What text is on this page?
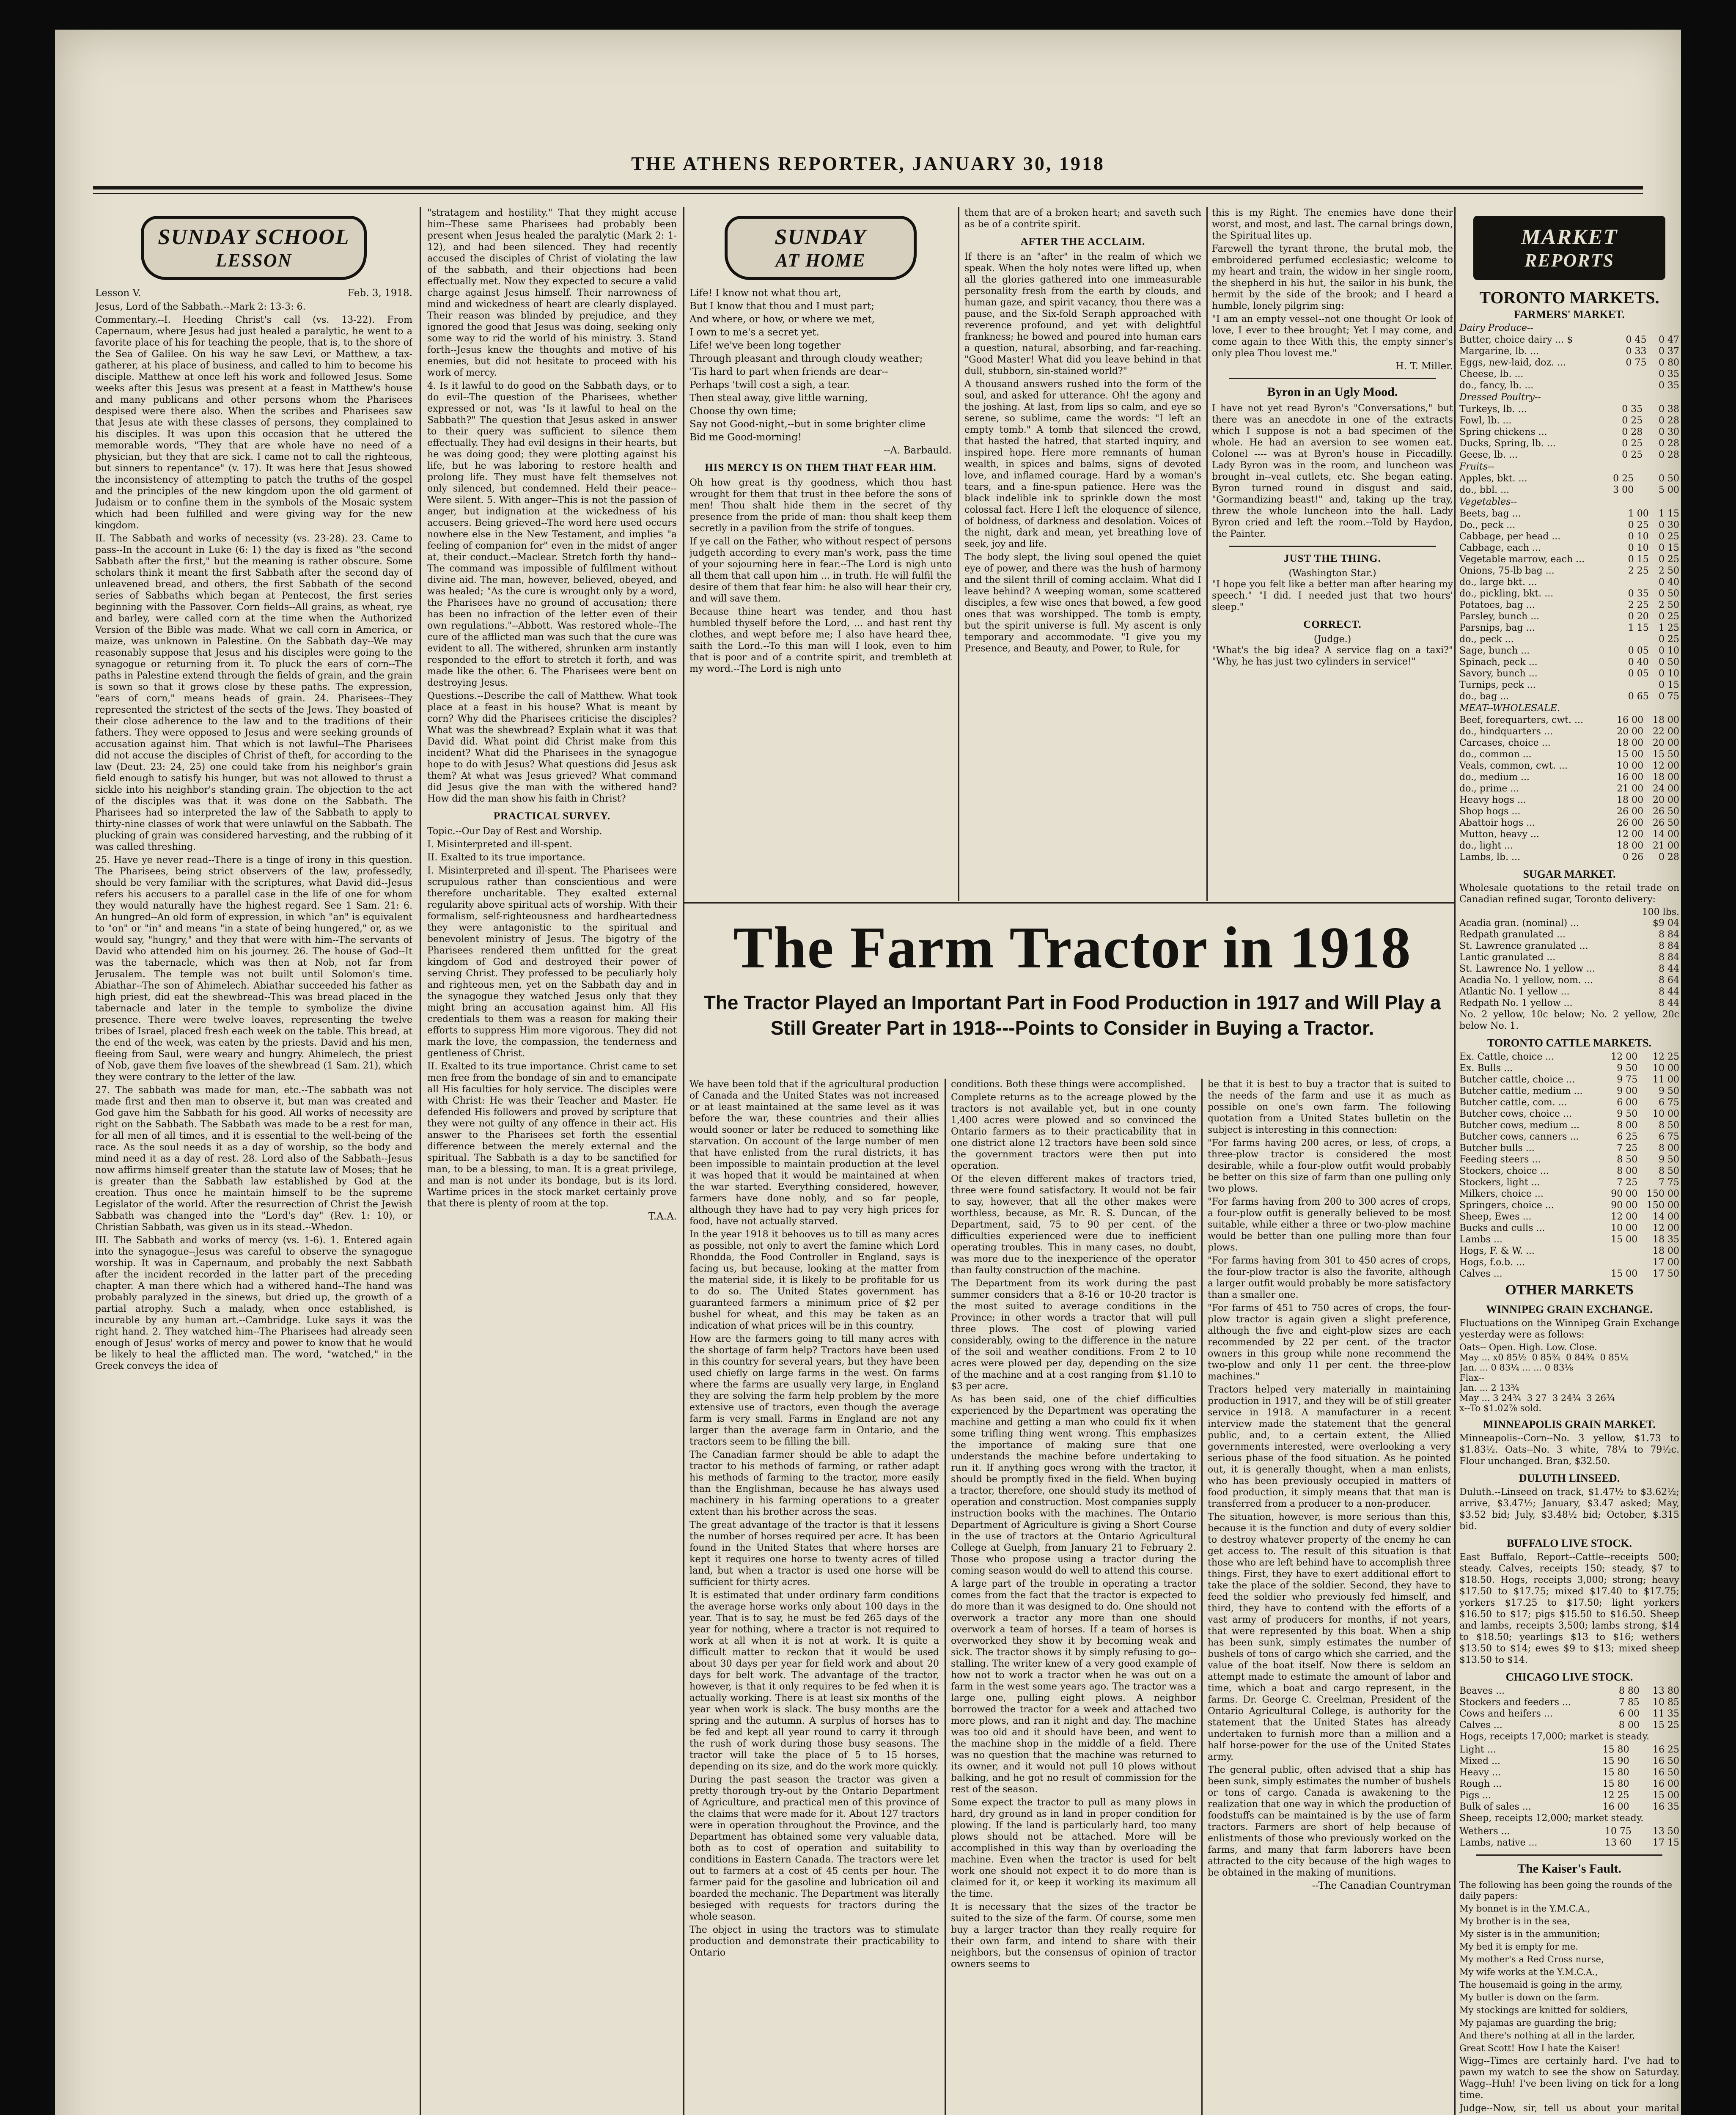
THE ATHENS REPORTER, JANUARY 30, 1918
SUNDAY SCHOOL
LESSON
Lesson V.	Feb. 3, 1918.

Jesus, Lord of the Sabbath.--Mark 2: 13-3: 6.

Commentary.--I. Heeding Christ's call (vs. 13-22). From Capernaum, where Jesus had just healed a paralytic, he went to a favorite place of his for teaching the people, that is, to the shore of the Sea of Galilee. On his way he saw Levi, or Matthew, a tax-gatherer, at his place of business, and called to him to become his disciple. Matthew at once left his work and followed Jesus. Some weeks after this Jesus was present at a feast in Matthew's house and many publicans and other persons whom the Pharisees despised were there also. When the scribes and Pharisees saw that Jesus ate with these classes of persons, they complained to his disciples. It was upon this occasion that he uttered the memorable words, "They that are whole have no need of a physician, but they that are sick. I came not to call the righteous, but sinners to repentance" (v. 17). It was here that Jesus showed the inconsistency of attempting to patch the truths of the gospel and the principles of the new kingdom upon the old garment of Judaism or to confine them in the symbols of the Mosaic system which had been fulfilled and were giving way for the new kingdom.

II. The Sabbath and works of necessity (vs. 23-28). 23. Came to pass--In the account in Luke (6: 1) the day is fixed as "the second Sabbath after the first," but the meaning is rather obscure. Some scholars think it meant the first Sabbath after the second day of unleavened bread, and others, the first Sabbath of the second series of Sabbaths which began at Pentecost, the first series beginning with the Passover. Corn fields--All grains, as wheat, rye and barley, were called corn at the time when the Authorized Version of the Bible was made. What we call corn in America, or maize, was unknown in Palestine. On the Sabbath day--We may reasonably suppose that Jesus and his disciples were going to the synagogue or returning from it. To pluck the ears of corn--The paths in Palestine extend through the fields of grain, and the grain is sown so that it grows close by these paths. The expression, "ears of corn," means heads of grain. 24. Pharisees--They represented the strictest of the sects of the Jews. They boasted of their close adherence to the law and to the traditions of their fathers. They were opposed to Jesus and were seeking grounds of accusation against him. That which is not lawful--The Pharisees did not accuse the disciples of Christ of theft, for according to the law (Deut. 23: 24, 25) one could take from his neighbor's grain field enough to satisfy his hunger, but was not allowed to thrust a sickle into his neighbor's standing grain. The objection to the act of the disciples was that it was done on the Sabbath. The Pharisees had so interpreted the law of the Sabbath to apply to thirty-nine classes of work that were unlawful on the Sabbath. The plucking of grain was considered harvesting, and the rubbing of it was called threshing.

25. Have ye never read--There is a tinge of irony in this question. The Pharisees, being strict observers of the law, professedly, should be very familiar with the scriptures, what David did--Jesus refers his accusers to a parallel case in the life of one for whom they would naturally have the highest regard. See 1 Sam. 21: 6. An hungred--An old form of expression, in which "an" is equivalent to "on" or "in" and means "in a state of being hungered," or, as we would say, "hungry," and they that were with him--The servants of David who attended him on his journey. 26. The house of God--It was the tabernacle, which was then at Nob, not far from Jerusalem. The temple was not built until Solomon's time. Abiathar--The son of Ahimelech. Abiathar succeeded his father as high priest, did eat the shewbread--This was bread placed in the tabernacle and later in the temple to symbolize the divine presence. There were twelve loaves, representing the twelve tribes of Israel, placed fresh each week on the table. This bread, at the end of the week, was eaten by the priests. David and his men, fleeing from Saul, were weary and hungry. Ahimelech, the priest of Nob, gave them five loaves of the shewbread (1 Sam. 21), which they were contrary to the letter of the law.

27. The sabbath was made for man, etc.--The sabbath was not made first and then man to observe it, but man was created and God gave him the Sabbath for his good. All works of necessity are right on the Sabbath. The Sabbath was made to be a rest for man, for all men of all times, and it is essential to the well-being of the race. As the soul needs it as a day of worship, so the body and mind need it as a day of rest. 28. Lord also of the Sabbath--Jesus now affirms himself greater than the statute law of Moses; that he is greater than the Sabbath law established by God at the creation. Thus once he maintain himself to be the supreme Legislator of the world. After the resurrection of Christ the Jewish Sabbath was changed into the "Lord's day" (Rev. 1: 10), or Christian Sabbath, was given us in its stead.--Whedon.

III. The Sabbath and works of mercy (vs. 1-6). 1. Entered again into the synagogue--Jesus was careful to observe the synagogue worship. It was in Capernaum, and probably the next Sabbath after the incident recorded in the latter part of the preceding chapter. A man there which had a withered hand--The hand was probably paralyzed in the sinews, but dried up, the growth of a partial atrophy. Such a malady, when once established, is incurable by any human art.--Cambridge. Luke says it was the right hand. 2. They watched him--The Pharisees had already seen enough of Jesus' works of mercy and power to know that he would be likely to heal the afflicted man. The word, "watched," in the Greek conveys the idea of

"stratagem and hostility." That they might accuse him--These same Pharisees had probably been present when Jesus healed the paralytic (Mark 2: 1-12), and had been silenced. They had recently accused the disciples of Christ of violating the law of the sabbath, and their objections had been effectually met. Now they expected to secure a valid charge against Jesus himself. Their narrowness of mind and wickedness of heart are clearly displayed. Their reason was blinded by prejudice, and they ignored the good that Jesus was doing, seeking only some way to rid the world of his ministry. 3. Stand forth--Jesus knew the thoughts and motive of his enemies, but did not hesitate to proceed with his work of mercy.

4. Is it lawful to do good on the Sabbath days, or to do evil--The question of the Pharisees, whether expressed or not, was "Is it lawful to heal on the Sabbath?" The question that Jesus asked in answer to their query was sufficient to silence them effectually. They had evil designs in their hearts, but he was doing good; they were plotting against his life, but he was laboring to restore health and prolong life. They must have felt themselves not only silenced, but condemned. Held their peace--Were silent. 5. With anger--This is not the passion of anger, but indignation at the wickedness of his accusers. Being grieved--The word here used occurs nowhere else in the New Testament, and implies "a feeling of companion for" even in the midst of anger at, their conduct.--Maclear. Stretch forth thy hand--The command was impossible of fulfilment without divine aid. The man, however, believed, obeyed, and was healed; "As the cure is wrought only by a word, the Pharisees have no ground of accusation; there has been no infraction of the letter even of their own regulations."--Abbott. Was restored whole--The cure of the afflicted man was such that the cure was evident to all. The withered, shrunken arm instantly responded to the effort to stretch it forth, and was made like the other. 6. The Pharisees were bent on destroying Jesus.

Questions.--Describe the call of Matthew. What took place at a feast in his house? What is meant by corn? Why did the Pharisees criticise the disciples? What was the shewbread? Explain what it was that David did. What point did Christ make from this incident? What did the Pharisees in the synagogue hope to do with Jesus? What questions did Jesus ask them? At what was Jesus grieved? What command did Jesus give the man with the withered hand? How did the man show his faith in Christ?

PRACTICAL SURVEY.

Topic.--Our Day of Rest and Worship.

I. Misinterpreted and ill-spent.

II. Exalted to its true importance.

I. Misinterpreted and ill-spent. The Pharisees were scrupulous rather than conscientious and were therefore uncharitable. They exalted external regularity above spiritual acts of worship. With their formalism, self-righteousness and hardheartedness they were antagonistic to the spiritual and benevolent ministry of Jesus. The bigotry of the Pharisees rendered them unfitted for the great kingdom of God and destroyed their power of serving Christ. They professed to be peculiarly holy and righteous men, yet on the Sabbath day and in the synagogue they watched Jesus only that they might bring an accusation against him. All His credentials to them was a reason for making their efforts to suppress Him more vigorous. They did not mark the love, the compassion, the tenderness and gentleness of Christ.

II. Exalted to its true importance. Christ came to set men free from the bondage of sin and to emancipate all His faculties for holy service. The disciples were with Christ: He was their Teacher and Master. He defended His followers and proved by scripture that they were not guilty of any offence in their act. His answer to the Pharisees set forth the essential difference between the merely external and the spiritual. The Sabbath is a day to be sanctified for man, to be a blessing, to man. It is a great privilege, and man is not under its bondage, but is its lord. Wartime prices in the stock market certainly prove that there is plenty of room at the top.

T.A.A.
SUNDAY
AT HOME

Life! I know not what thou art,

But I know that thou and I must part;

And where, or how, or where we met,

I own to me's a secret yet.

Life! we've been long together

Through pleasant and through cloudy weather;

'Tis hard to part when friends are dear--

Perhaps 'twill cost a sigh, a tear.

Then steal away, give little warning,

Choose thy own time;

Say not Good-night,--but in some brighter clime

Bid me Good-morning!

--A. Barbauld.
HIS MERCY IS ON THEM THAT FEAR HIM.

Oh how great is thy goodness, which thou hast wrought for them that trust in thee before the sons of men! Thou shalt hide them in the secret of thy presence from the pride of man: thou shalt keep them secretly in a pavilion from the strife of tongues.

If ye call on the Father, who without respect of persons judgeth according to every man's work, pass the time of your sojourning here in fear.--The Lord is nigh unto all them that call upon him ... in truth. He will fulfil the desire of them that fear him: he also will hear their cry, and will save them.

Because thine heart was tender, and thou hast humbled thyself before the Lord, ... and hast rent thy clothes, and wept before me; I also have heard thee, saith the Lord.--To this man will I look, even to him that is poor and of a contrite spirit, and trembleth at my word.--The Lord is nigh unto

them that are of a broken heart; and saveth such as be of a contrite spirit.

AFTER THE ACCLAIM.

If there is an "after" in the realm of which we speak. When the holy notes were lifted up, when all the glories gathered into one immeasurable personality fresh from the earth by clouds, and human gaze, and spirit vacancy, thou there was a pause, and the Six-fold Seraph approached with reverence profound, and yet with delightful frankness; he bowed and poured into human ears a question, natural, absorbing, and far-reaching. "Good Master! What did you leave behind in that dull, stubborn, sin-stained world?"

A thousand answers rushed into the form of the soul, and asked for utterance. Oh! the agony and the joshing. At last, from lips so calm, and eye so serene, so sublime, came the words: "I left an empty tomb." A tomb that silenced the crowd, that hasted the hatred, that started inquiry, and inspired hope. Here more remnants of human wealth, in spices and balms, signs of devoted love, and inflamed courage. Hard by a woman's tears, and a fine-spun patience. Here was the black indelible ink to sprinkle down the most colossal fact. Here I left the eloquence of silence, of boldness, of darkness and desolation. Voices of the night, dark and mean, yet breathing love of seek, joy and life.

The body slept, the living soul opened the quiet eye of power, and there was the hush of harmony and the silent thrill of coming acclaim. What did I leave behind? A weeping woman, some scattered disciples, a few wise ones that bowed, a few good ones that was worshipped. The tomb is empty, but the spirit universe is full. My ascent is only temporary and accommodate. "I give you my Presence, and Beauty, and Power, to Rule, for

this is my Right. The enemies have done their worst, and most, and last. The carnal brings down, the Spiritual lites up.

Farewell the tyrant throne, the brutal mob, the embroidered perfumed ecclesiastic; welcome to my heart and train, the widow in her single room, the shepherd in his hut, the sailor in his bunk, the hermit by the side of the brook; and I heard a humble, lonely pilgrim sing:

"I am an empty vessel--not one thought Or look of love, I ever to thee brought; Yet I may come, and come again to thee With this, the empty sinner's only plea Thou lovest me."

H. T. Miller.
Byron in an Ugly Mood.

I have not yet read Byron's "Conversations," but there was an anecdote in one of the extracts which I suppose is not a bad specimen of the whole. He had an aversion to see women eat. Colonel ---- was at Byron's house in Piccadilly. Lady Byron was in the room, and luncheon was brought in--veal cutlets, etc. She began eating. Byron turned round in disgust and said, "Gormandizing beast!" and, taking up the tray, threw the whole luncheon into the hall. Lady Byron cried and left the room.--Told by Haydon, the Painter.

JUST THE THING.
(Washington Star.)

"I hope you felt like a better man after hearing my speech." "I did. I needed just that two hours' sleep."

CORRECT.
(Judge.)

"What's the big idea? A service flag on a taxi?" "Why, he has just two cylinders in service!"

The Farm Tractor in 1918
The Tractor Played an Important Part in Food Production in 1917 and Will Play a Still Greater Part in 1918---Points to Consider in Buying a Tractor.

We have been told that if the agricultural production of Canada and the United States was not increased or at least maintained at the same level as it was before the war, these countries and their allies would sooner or later be reduced to something like starvation. On account of the large number of men that have enlisted from the rural districts, it has been impossible to maintain production at the level it was hoped that it would be maintained at when the war started. Everything considered, however, farmers have done nobly, and so far people, although they have had to pay very high prices for food, have not actually starved.

In the year 1918 it behooves us to till as many acres as possible, not only to avert the famine which Lord Rhondda, the Food Controller in England, says is facing us, but because, looking at the matter from the material side, it is likely to be profitable for us to do so. The United States government has guaranteed farmers a minimum price of $2 per bushel for wheat, and this may be taken as an indication of what prices will be in this country.

How are the farmers going to till many acres with the shortage of farm help? Tractors have been used in this country for several years, but they have been used chiefly on large farms in the west. On farms where the farms are usually very large, in England they are solving the farm help problem by the more extensive use of tractors, even though the average farm is very small. Farms in England are not any larger than the average farm in Ontario, and the tractors seem to be filling the bill.

The Canadian farmer should be able to adapt the tractor to his methods of farming, or rather adapt his methods of farming to the tractor, more easily than the Englishman, because he has always used machinery in his farming operations to a greater extent than his brother across the seas.

The great advantage of the tractor is that it lessens the number of horses required per acre. It has been found in the United States that where horses are kept it requires one horse to twenty acres of tilled land, but when a tractor is used one horse will be sufficient for thirty acres.

It is estimated that under ordinary farm conditions the average horse works only about 100 days in the year. That is to say, he must be fed 265 days of the year for nothing, where a tractor is not required to work at all when it is not at work. It is quite a difficult matter to reckon that it would be used about 30 days per year for field work and about 20 days for belt work. The advantage of the tractor, however, is that it only requires to be fed when it is actually working. There is at least six months of the year when work is slack. The busy months are the spring and the autumn. A surplus of horses has to be fed and kept all year round to carry it through the rush of work during those busy seasons. The tractor will take the place of 5 to 15 horses, depending on its size, and do the work more quickly.

During the past season the tractor was given a pretty thorough try-out by the Ontario Department of Agriculture, and practical men of this province of the claims that were made for it. About 127 tractors were in operation throughout the Province, and the Department has obtained some very valuable data, both as to cost of operation and suitability to conditions in Eastern Canada. The tractors were let out to farmers at a cost of 45 cents per hour. The farmer paid for the gasoline and lubrication oil and boarded the mechanic. The Department was literally besieged with requests for tractors during the whole season.

The object in using the tractors was to stimulate production and demonstrate their practicability to Ontario

conditions. Both these things were accomplished.

Complete returns as to the acreage plowed by the tractors is not available yet, but in one county 1,400 acres were plowed and so convinced the Ontario farmers as to their practicability that in one district alone 12 tractors have been sold since the government tractors were then put into operation.

Of the eleven different makes of tractors tried, three were found satisfactory. It would not be fair to say, however, that all the other makes were worthless, because, as Mr. R. S. Duncan, of the Department, said, 75 to 90 per cent. of the difficulties experienced were due to inefficient operating troubles. This in many cases, no doubt, was more due to the inexperience of the operator than faulty construction of the machine.

The Department from its work during the past summer considers that a 8-16 or 10-20 tractor is the most suited to average conditions in the Province; in other words a tractor that will pull three plows. The cost of plowing varied considerably, owing to the difference in the nature of the soil and weather conditions. From 2 to 10 acres were plowed per day, depending on the size of the machine and at a cost ranging from $1.10 to $3 per acre.

As has been said, one of the chief difficulties experienced by the Department was operating the machine and getting a man who could fix it when some trifling thing went wrong. This emphasizes the importance of making sure that one understands the machine before undertaking to run it. If anything goes wrong with the tractor, it should be promptly fixed in the field. When buying a tractor, therefore, one should study its method of operation and construction. Most companies supply instruction books with the machines. The Ontario Department of Agriculture is giving a Short Course in the use of tractors at the Ontario Agricultural College at Guelph, from January 21 to February 2. Those who propose using a tractor during the coming season would do well to attend this course.

A large part of the trouble in operating a tractor comes from the fact that the tractor is expected to do more than it was designed to do. One should not overwork a tractor any more than one should overwork a team of horses. If a team of horses is overworked they show it by becoming weak and sick. The tractor shows it by simply refusing to go--stalling. The writer knew of a very good example of how not to work a tractor when he was out on a farm in the west some years ago. The tractor was a large one, pulling eight plows. A neighbor borrowed the tractor for a week and attached two more plows, and ran it night and day. The machine was too old and it should have been, and went to the machine shop in the middle of a field. There was no question that the machine was returned to its owner, and it would not pull 10 plows without balking, and he got no result of commission for the rest of the season.

Some expect the tractor to pull as many plows in hard, dry ground as in land in proper condition for plowing. If the land is particularly hard, too many plows should not be attached. More will be accomplished in this way than by overloading the machine. Even when the tractor is used for belt work one should not expect it to do more than is claimed for it, or keep it working its maximum all the time.

It is necessary that the sizes of the tractor be suited to the size of the farm. Of course, some men buy a larger tractor than they really require for their own farm, and intend to share with their neighbors, but the consensus of opinion of tractor owners seems to

be that it is best to buy a tractor that is suited to the needs of the farm and use it as much as possible on one's own farm. The following quotation from a United States bulletin on the subject is interesting in this connection:

"For farms having 200 acres, or less, of crops, a three-plow tractor is considered the most desirable, while a four-plow outfit would probably be better on this size of farm than one pulling only two plows.

"For farms having from 200 to 300 acres of crops, a four-plow outfit is generally believed to be most suitable, while either a three or two-plow machine would be better than one pulling more than four plows.

"For farms having from 301 to 450 acres of crops, the four-plow tractor is also the favorite, although a larger outfit would probably be more satisfactory than a smaller one.

"For farms of 451 to 750 acres of crops, the four-plow tractor is again given a slight preference, although the five and eight-plow sizes are each recommended by 22 per cent. of the tractor owners in this group while none recommend the two-plow and only 11 per cent. the three-plow machines."

Tractors helped very materially in maintaining production in 1917, and they will be of still greater service in 1918. A manufacturer in a recent interview made the statement that the general public, and, to a certain extent, the Allied governments interested, were overlooking a very serious phase of the food situation. As he pointed out, it is generally thought, when a man enlists, who has been previously occupied in matters of food production, it simply means that that man is transferred from a producer to a non-producer.

The situation, however, is more serious than this, because it is the function and duty of every soldier to destroy whatever property of the enemy he can get access to. The result of this situation is that those who are left behind have to accomplish three things. First, they have to exert additional effort to take the place of the soldier. Second, they have to feed the soldier who previously fed himself, and third, they have to contend with the efforts of a vast army of producers for months, if not years, that were represented by this boat. When a ship has been sunk, simply estimates the number of bushels of tons of cargo which she carried, and the value of the boat itself. Now there is seldom an attempt made to estimate the amount of labor and time, which a boat and cargo represent, in the farms. Dr. George C. Creelman, President of the Ontario Agricultural College, is authority for the statement that the United States has already undertaken to furnish more than a million and a half horse-power for the use of the United States army.

The general public, often advised that a ship has been sunk, simply estimates the number of bushels or tons of cargo. Canada is awakening to the realization that one way in which the production of foodstuffs can be maintained is by the use of farm tractors. Farmers are short of help because of enlistments of those who previously worked on the farms, and many that farm laborers have been attracted to the city because of the high wages to be obtained in the making of munitions.

--The Canadian Countryman
MARKET
REPORTS
TORONTO MARKETS.
FARMERS' MARKET.
Dairy Produce--
Butter, choice dairy ... $	0 45	0 47
Margarine, lb. ...	0 33	0 37
Eggs, new-laid, doz. ...	0 75	0 80
Cheese, lb. ...		0 35
do., fancy, lb. ...		0 35
Dressed Poultry--
Turkeys, lb. ...	0 35	0 38
Fowl, lb. ...	0 25	0 28
Spring chickens ...	0 28	0 30
Ducks, Spring, lb. ...	0 25	0 28
Geese, lb. ...	0 25	0 28
Fruits--
Apples, bkt. ...	0 25	0 50
do., bbl. ...	3 00	5 00
Vegetables--
Beets, bag ...	1 00	1 15
Do., peck ...	0 25	0 30
Cabbage, per head ...	0 10	0 25
Cabbage, each ...	0 10	0 15
Vegetable marrow, each ...	0 15	0 25
Onions, 75-lb bag ...	2 25	2 50
do., large bkt. ...		0 40
do., pickling, bkt. ...	0 35	0 50
Potatoes, bag ...	2 25	2 50
Parsley, bunch ...	0 20	0 25
Parsnips, bag ...	1 15	1 25
do., peck ...		0 25
Sage, bunch ...	0 05	0 10
Spinach, peck ...	0 40	0 50
Savory, bunch ...	0 05	0 10
Turnips, peck ...		0 15
do., bag ...	0 65	0 75
MEAT--WHOLESALE.
Beef, forequarters, cwt. ...	16 00	18 00
do., hindquarters ...	20 00	22 00
Carcases, choice ...	18 00	20 00
do., common ...	15 00	15 50
Veals, common, cwt. ...	10 00	12 00
do., medium ...	16 00	18 00
do., prime ...	21 00	24 00
Heavy hogs ...	18 00	20 00
Shop hogs ...	26 00	26 50
Abattoir hogs ...	26 00	26 50
Mutton, heavy ...	12 00	14 00
do., light ...	18 00	21 00
Lambs, lb. ...	0 26	0 28
SUGAR MARKET.

Wholesale quotations to the retail trade on Canadian refined sugar, Toronto delivery:

100 lbs.
Acadia gran. (nominal) ...	$9 04
Redpath granulated ...	8 84
St. Lawrence granulated ...	8 84
Lantic granulated ...	8 84
St. Lawrence No. 1 yellow ...	8 44
Acadia No. 1 yellow, nom. ...	8 64
Atlantic No. 1 yellow ...	8 44
Redpath No. 1 yellow ...	8 44

No. 2 yellow, 10c below; No. 2 yellow, 20c below No. 1.

TORONTO CATTLE MARKETS.
Ex. Cattle, choice ...	12 00	12 25
Ex. Bulls ...	9 50	10 00
Butcher cattle, choice ...	9 75	11 00
Butcher cattle, medium ...	9 00	9 50
Butcher cattle, com. ...	6 00	6 75
Butcher cows, choice ...	9 50	10 00
Butcher cows, medium ...	8 00	8 50
Butcher cows, canners ...	6 25	6 75
Butcher bulls ...	7 25	8 00
Feeding steers ...	8 50	9 50
Stockers, choice ...	8 00	8 50
Stockers, light ...	7 25	7 75
Milkers, choice ...	90 00	150 00
Springers, choice ...	90 00	150 00
Sheep, Ewes ...	12 00	14 00
Bucks and culls ...	10 00	12 00
Lambs ...	15 00	18 35
Hogs, F. & W. ...		18 00
Hogs, f.o.b. ...		17 00
Calves ...	15 00	17 50
OTHER MARKETS
WINNIPEG GRAIN EXCHANGE.

Fluctuations on the Winnipeg Grain Exchange yesterday were as follows:

Oats-- Open. High. Low. Close.
May ... x0 85½  0 85¾  0 84¾  0 85¼
Jan. ... 0 83¼ ... ... 0 83⅛
Flax--
Jan. ... 2 13¾
May ... 3 24¾  3 27  3 24¾  3 26¾
x--To $1.02⅞ sold.
MINNEAPOLIS GRAIN MARKET.

Minneapolis--Corn--No. 3 yellow, $1.73 to $1.83½. Oats--No. 3 white, 78¼ to 79½c. Flour unchanged. Bran, $32.50.

DULUTH LINSEED.

Duluth.--Linseed on track, $1.47½ to $3.62½; arrive, $3.47½; January, $3.47 asked; May, $3.52 bid; July, $3.48½ bid; October, $.315 bid.

BUFFALO LIVE STOCK.

East Buffalo, Report--Cattle--receipts 500; steady. Calves, receipts 150; steady, $7 to $18.50. Hogs, receipts 3,000; strong; heavy $17.50 to $17.75; mixed $17.40 to $17.75; yorkers $17.25 to $17.50; light yorkers $16.50 to $17; pigs $15.50 to $16.50. Sheep and lambs, receipts 3,500; lambs strong, $14 to $18.50; yearlings $13 to $16; wethers $13.50 to $14; ewes $9 to $13; mixed sheep $13.50 to $14.

CHICAGO LIVE STOCK.
Beaves ...	8 80	13 80
Stockers and feeders ...	7 85	10 85
Cows and heifers ...	6 00	11 35
Calves ...	8 00	15 25

Hogs, receipts 17,000; market is steady.

Light ...	15 80	16 25
Mixed ...	15 90	16 50
Heavy ...	15 80	16 50
Rough ...	15 80	16 00
Pigs ...	12 25	15 00
Bulk of sales ...	16 00	16 35

Sheep, receipts 12,000; market steady.

Wethers ...	10 75	13 50
Lambs, native ...	13 60	17 15
The Kaiser's Fault.

The following has been going the rounds of the daily papers:

My bonnet is in the Y.M.C.A.,

My brother is in the sea,

My sister is in the ammunition;

My bed it is empty for me.

My mother's a Red Cross nurse,

My wife works at the Y.M.C.A.,

The housemaid is going in the army,

My butler is down on the farm.

My stockings are knitted for soldiers,

My pajamas are guarding the brig;

And there's nothing at all in the larder,

Great Scott! How I hate the Kaiser!

Wigg--Times are certainly hard. I've had to pawn my watch to see the show on Saturday. Wagg--Huh! I've been living on tick for a long time.

Judge--Now, sir, tell us about your marital
